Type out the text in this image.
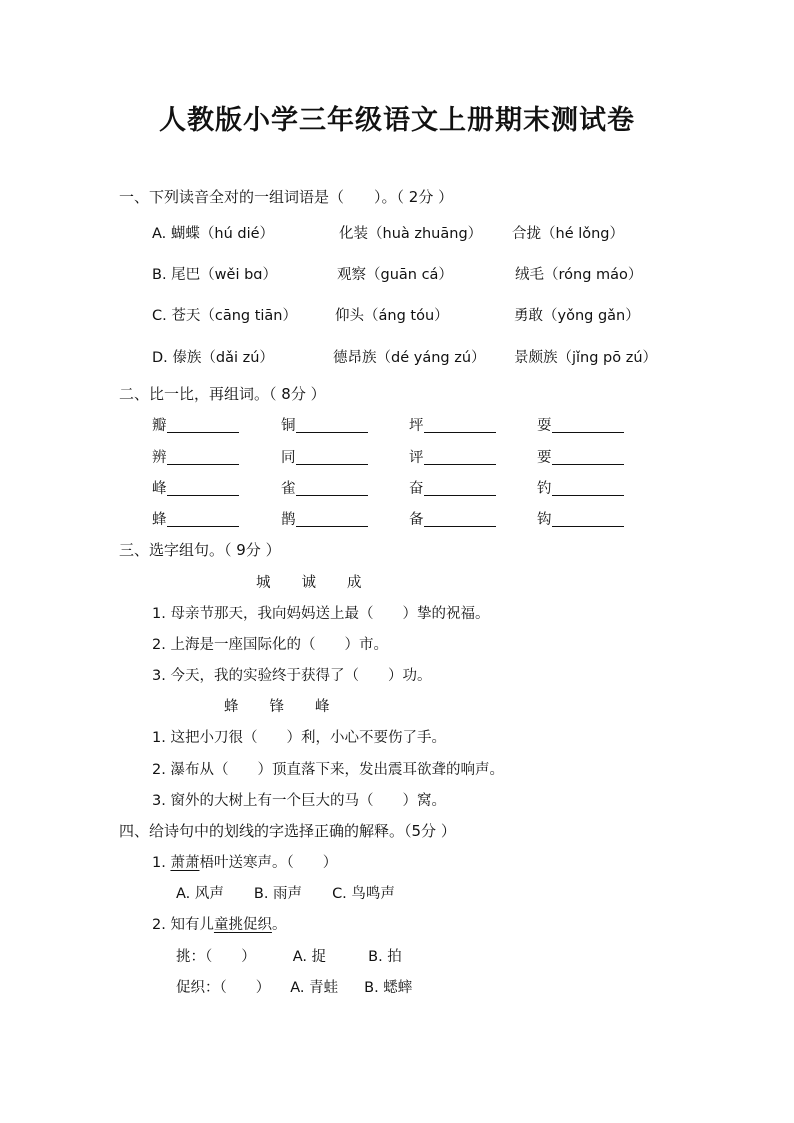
人教版小学三年级语文上册期末测试卷
一、下列读音全对的一组词语是（　　）。（ 2分 ）
A. 蝴蝶（hú dié）	化装（huà zhuāng） 合拢（hé lǒng）
B. 尾巴（wěi bɑ）	观察（guān cá）	绒毛（róng máo）
C. 苍天（cāng tiān）	仰头（áng tóu）	勇敢（yǒng gǎn）
D. 傣族（dǎi zú）	德昂族（dé yáng zú） 景颇族（jǐng pō zú）
二、比一比，再组词。（ 8分 ）
瓣	铜	坪	耍
辨	同	评	要
峰	雀	奋	钓
蜂	鹊	备	钩
三、选字组句。（ 9分 ）
城 诚 成
1. 母亲节那天，我向妈妈送上最（　　）挚的祝福。
2. 上海是一座国际化的（　　）市。
3. 今天，我的实验终于获得了（　　）功。
蜂 锋 峰
1. 这把小刀很（　　）利，小心不要伤了手。
2. 瀑布从（　　）顶直落下来，发出震耳欲聋的响声。
3. 窗外的大树上有一个巨大的马（　　）窝。
四、给诗句中的划线的字选择正确的解释。（5分 ）
1. 萧萧梧叶送寒声。（　　）
A. 风声 B. 雨声 C. 鸟鸣声
2. 知有儿童挑促织。
挑：（　　）	A. 捉	B. 拍
促织：（　　） A. 青蛙 B. 蟋蟀
